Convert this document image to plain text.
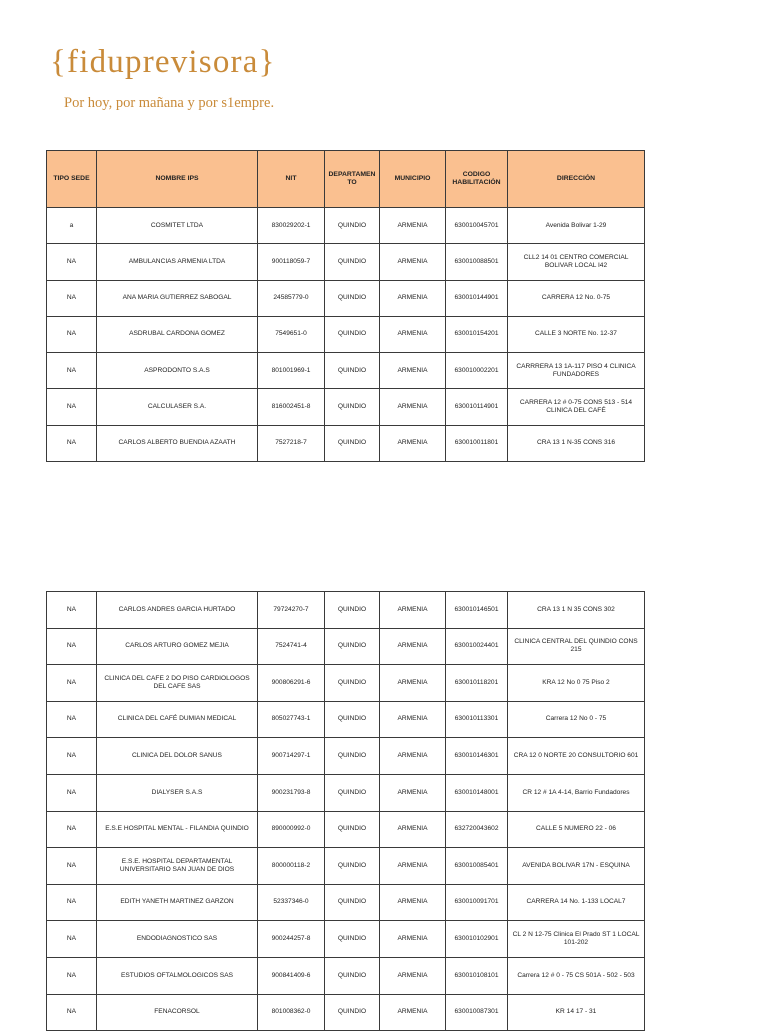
{fiduprevisora}
Por hoy, por mañana y por s1empre.
TIPO SEDE	NOMBRE IPS	NIT	DEPARTAMEN TO	MUNICIPIO	CODIGO HABILITACIÓN	DIRECCIÓN
a	COSMITET LTDA	830029202-1	QUINDIO	ARMENIA	630010045701	Avenida Bolivar 1-29
NA	AMBULANCIAS ARMENIA LTDA	900118059-7	QUINDIO	ARMENIA	630010088501	CLL2 14 01 CENTRO COMERCIAL BOLIVAR LOCAL I42
NA	ANA MARIA GUTIERREZ SABOGAL	24585779-0	QUINDIO	ARMENIA	630010144901	CARRERA 12 No. 0-75
NA	ASDRUBAL CARDONA GOMEZ	7549651-0	QUINDIO	ARMENIA	630010154201	CALLE 3 NORTE No. 12-37
NA	ASPRODONTO S.A.S	801001969-1	QUINDIO	ARMENIA	630010002201	CARRRERA 13 1A-117 PISO 4 CLINICA FUNDADORES
NA	CALCULASER S.A.	816002451-8	QUINDIO	ARMENIA	630010114901	CARRERA 12 # 0-75 CONS 513 - 514 CLINICA DEL CAFÉ
NA	CARLOS ALBERTO BUENDIA AZAATH	7527218-7	QUINDIO	ARMENIA	630010011801	CRA 13 1 N-35 CONS 316
NA	CARLOS ANDRES GARCIA HURTADO	79724270-7	QUINDIO	ARMENIA	630010146501	CRA 13 1 N 35 CONS 302
NA	CARLOS ARTURO GOMEZ MEJIA	7524741-4	QUINDIO	ARMENIA	630010024401	CLINICA CENTRAL DEL QUINDIO CONS 215
NA	CLINICA DEL CAFE 2 DO PISO CARDIOLOGOS DEL CAFE SAS	900806291-6	QUINDIO	ARMENIA	630010118201	KRA 12 No 0 75 Piso 2
NA	CLINICA DEL CAFÉ DUMIAN MEDICAL	805027743-1	QUINDIO	ARMENIA	630010113301	Carrera 12 No 0 - 75
NA	CLINICA DEL DOLOR SANUS	900714297-1	QUINDIO	ARMENIA	630010146301	CRA 12 0 NORTE 20 CONSULTORIO 601
NA	DIALYSER S.A.S	900231793-8	QUINDIO	ARMENIA	630010148001	CR 12 # 1A 4-14, Barrio Fundadores
NA	E.S.E HOSPITAL MENTAL - FILANDIA QUINDIO	890000992-0	QUINDIO	ARMENIA	632720043602	CALLE 5 NUMERO 22 - 06
NA	E.S.E. HOSPITAL DEPARTAMENTAL UNIVERSITARIO SAN JUAN DE DIOS	800000118-2	QUINDIO	ARMENIA	630010085401	AVENIDA BOLIVAR 17N - ESQUINA
NA	EDITH YANETH MARTINEZ GARZON	52337346-0	QUINDIO	ARMENIA	630010091701	CARRERA 14 No. 1-133 LOCAL7
NA	ENDODIAGNOSTICO SAS	900244257-8	QUINDIO	ARMENIA	630010102901	CL 2 N 12-75 Clinica El Prado ST 1 LOCAL 101-202
NA	ESTUDIOS OFTALMOLOGICOS SAS	900841409-6	QUINDIO	ARMENIA	630010108101	Carrera 12 # 0 - 75 CS 501A - 502 - 503
NA	FENACORSOL	801008362-0	QUINDIO	ARMENIA	630010087301	KR 14 17 - 31
